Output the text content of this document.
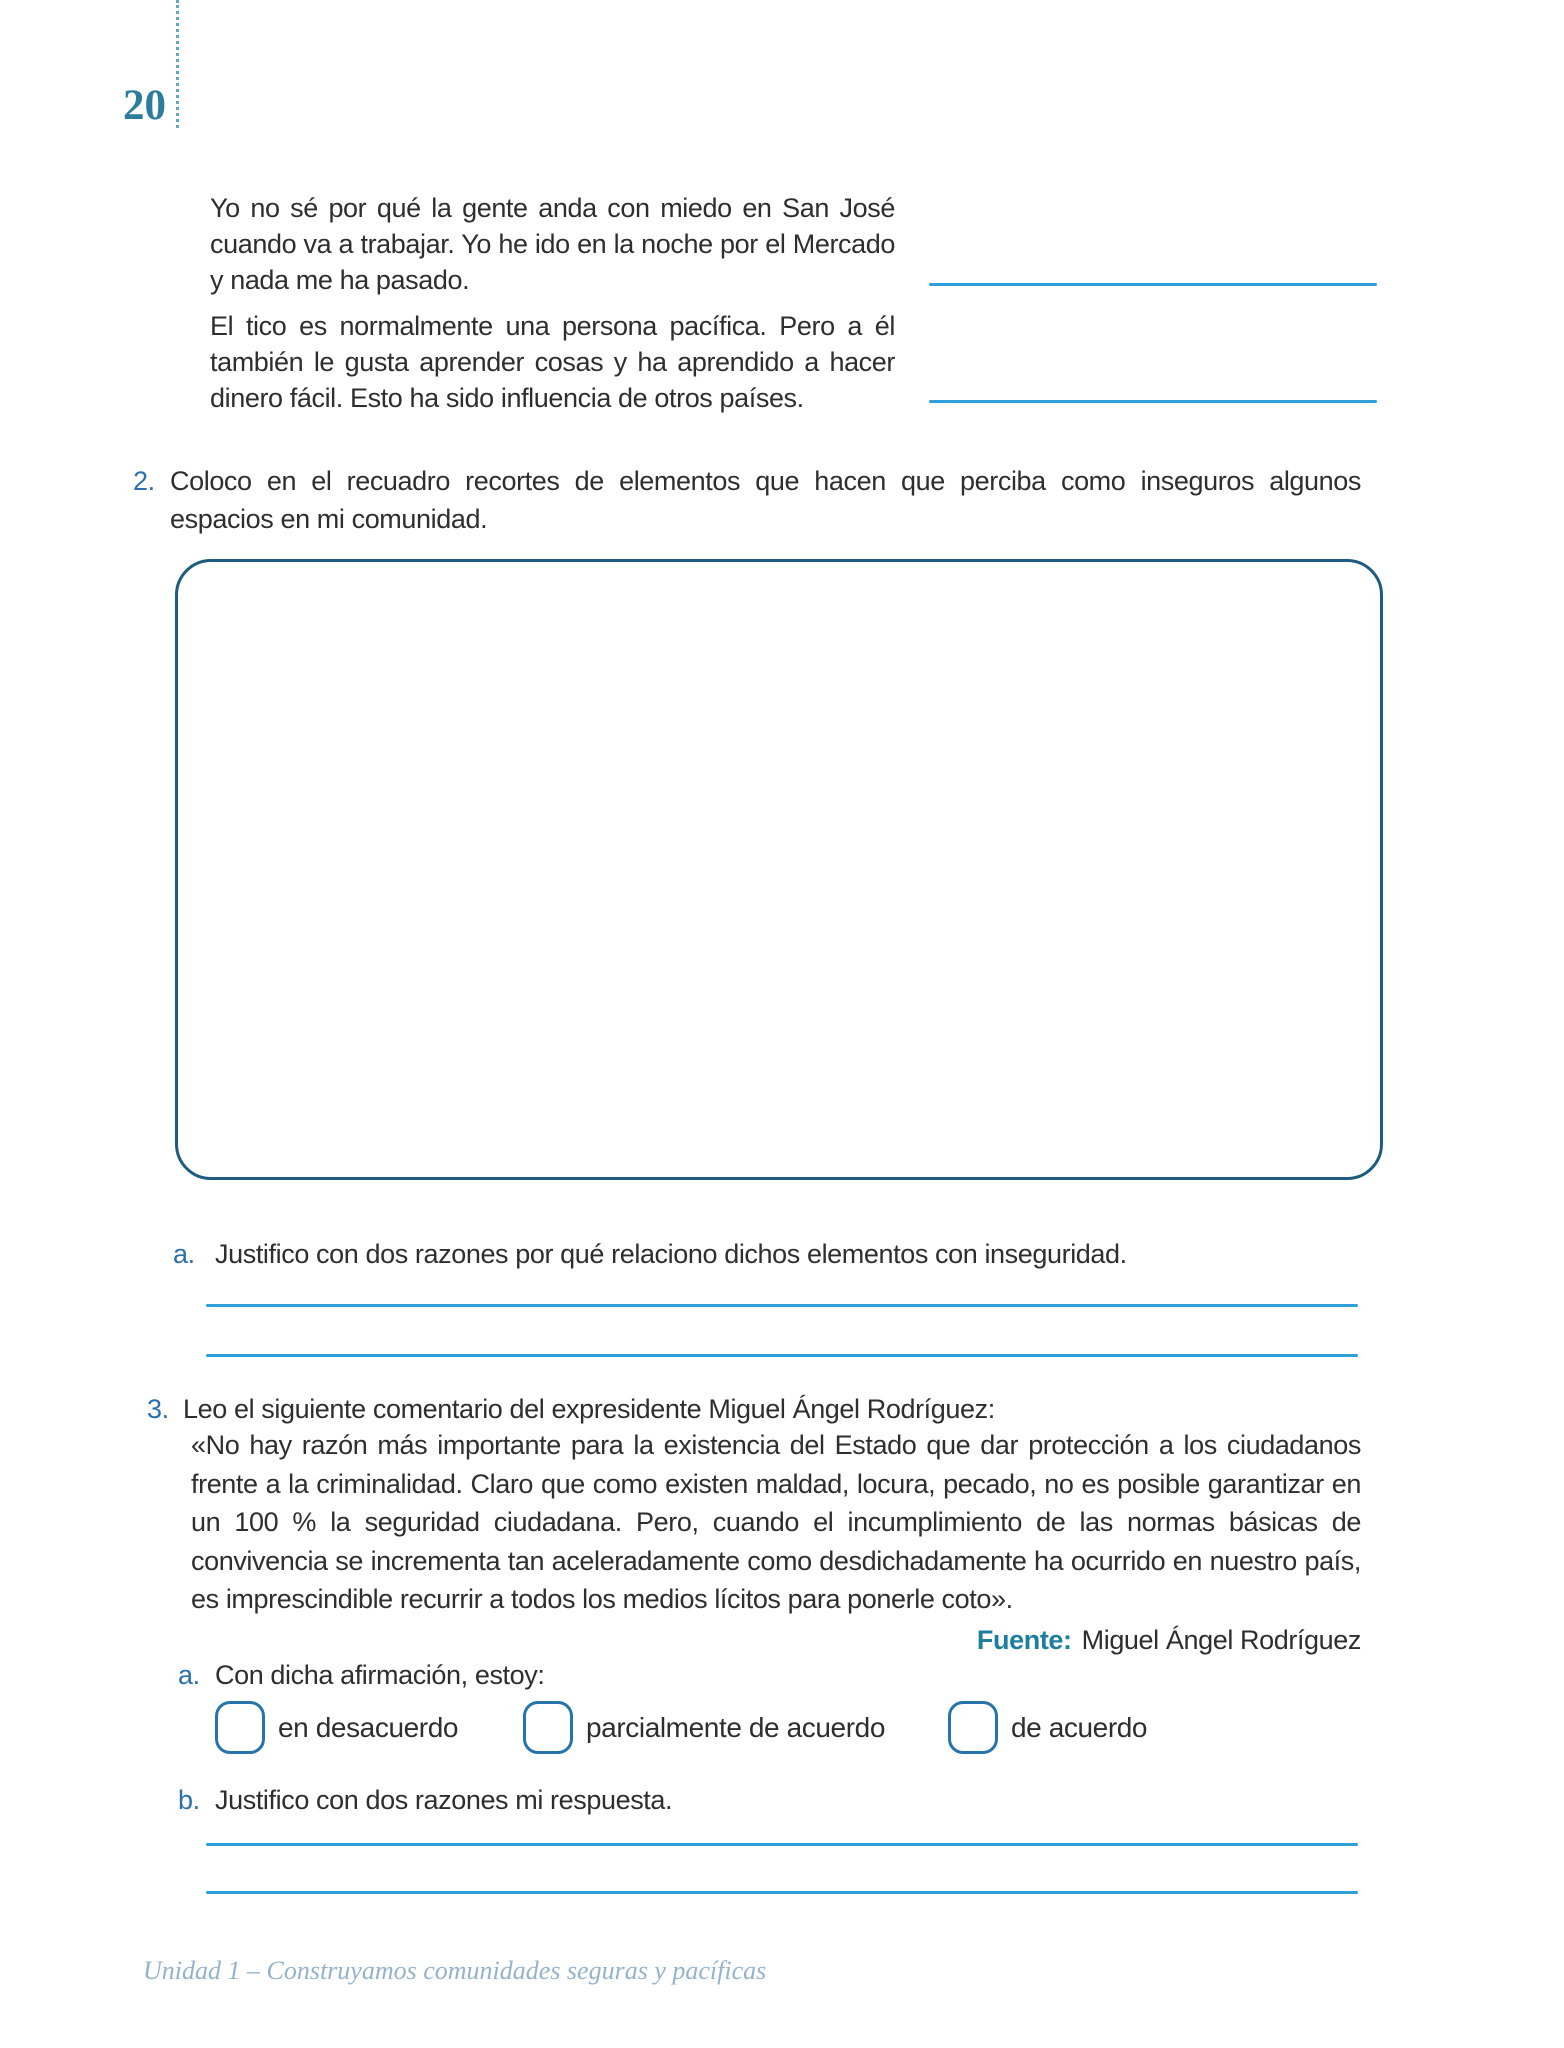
20

Yo no sé por qué la gente anda con miedo en San José cuando va a trabajar. Yo he ido en la noche por el Mercado y nada me ha pasado.

El tico es normalmente una persona pacífica. Pero a él también le gusta aprender cosas y ha aprendido a hacer dinero fácil. Esto ha sido influencia de otros países.

2. Coloco en el recuadro recortes de elementos que hacen que perciba como inseguros algunos espacios en mi comunidad.
a. Justifico con dos razones por qué relaciono dichos elementos con inseguridad.
3. Leo el siguiente comentario del expresidente Miguel Ángel Rodríguez:
«No hay razón más importante para la existencia del Estado que dar protección a los ciudadanos frente a la criminalidad. Claro que como existen maldad, locura, pecado, no es posible garantizar en un 100 % la seguridad ciudadana. Pero, cuando el incumplimiento de las normas básicas de convivencia se incrementa tan aceleradamente como desdichadamente ha ocurrido en nuestro país, es imprescindible recurrir a todos los medios lícitos para ponerle coto».
Fuente: Miguel Ángel Rodríguez
a. Con dicha afirmación, estoy:
en desacuerdo	parcialmente de acuerdo	de acuerdo
b. Justifico con dos razones mi respuesta.
Unidad 1 – Construyamos comunidades seguras y pacíficas
